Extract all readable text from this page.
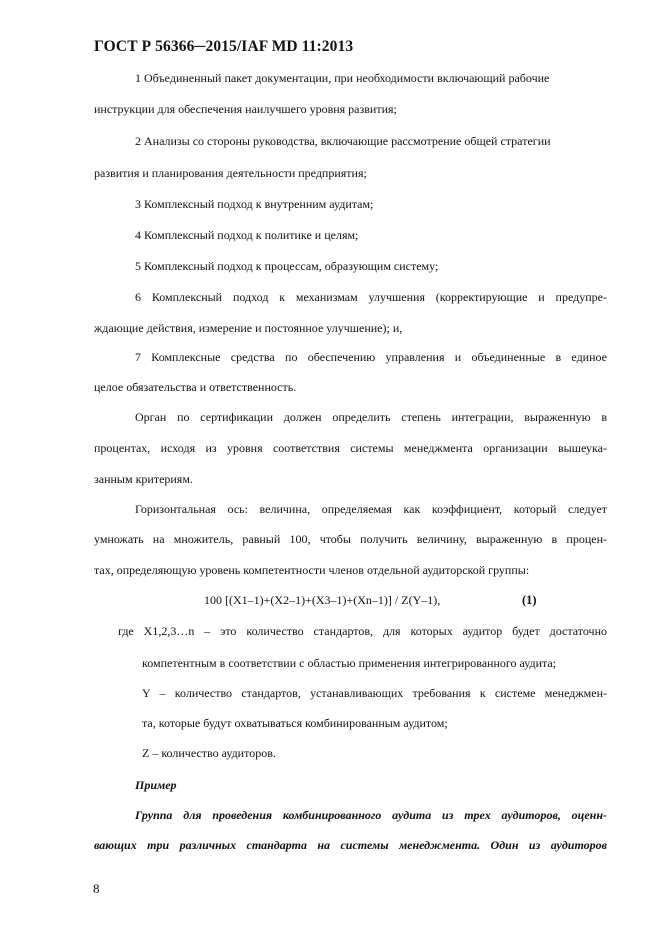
ГОСТ Р 56366─2015/IAF MD 11:2013
1 Объединенный пакет документации, при необходимости включающий рабочие
инструкции для обеспечения наилучшего уровня развития;
2 Анализы со стороны руководства, включающие рассмотрение общей стратегии
развития и планирования деятельности предприятия;
3 Комплексный подход к внутренним аудитам;
4 Комплексный подход к политике и целям;
5 Комплексный подход к процессам, образующим систему;
6 Комплексный подход к механизмам улучшения (корректирующие и предупре-
ждающие действия, измерение и постоянное улучшение); и,
7 Комплексные средства по обеспечению управления и объединенные в единое
целое обязательства и ответственность.
Орган по сертификации должен определить степень интеграции, выраженную в
процентах, исходя из уровня соответствия системы менеджмента организации вышеука-
занным критериям.
Горизонтальная ось: величина, определяемая как коэффициент, который следует
умножать на множитель, равный 100, чтобы получить величину, выраженную в процен-
тах, определяющую уровень компетентности членов отдельной аудиторской группы:
100 [(X1–1)+(X2–1)+(X3–1)+(Xn–1)] / Z(Y–1),	(1)
где X1,2,3…n – это количество стандартов, для которых аудитор будет достаточно
компетентным в соответствии с областью применения интегрированного аудита;
Y – количество стандартов, устанавливающих требования к системе менеджмен-
та, которые будут охватываться комбинированным аудитом;
Z – количество аудиторов.
Пример
Группа для проведения комбинированного аудита из трех аудиторов, оценн-
вающих три различных стандарта на системы менеджмента. Один из аудиторов
8
